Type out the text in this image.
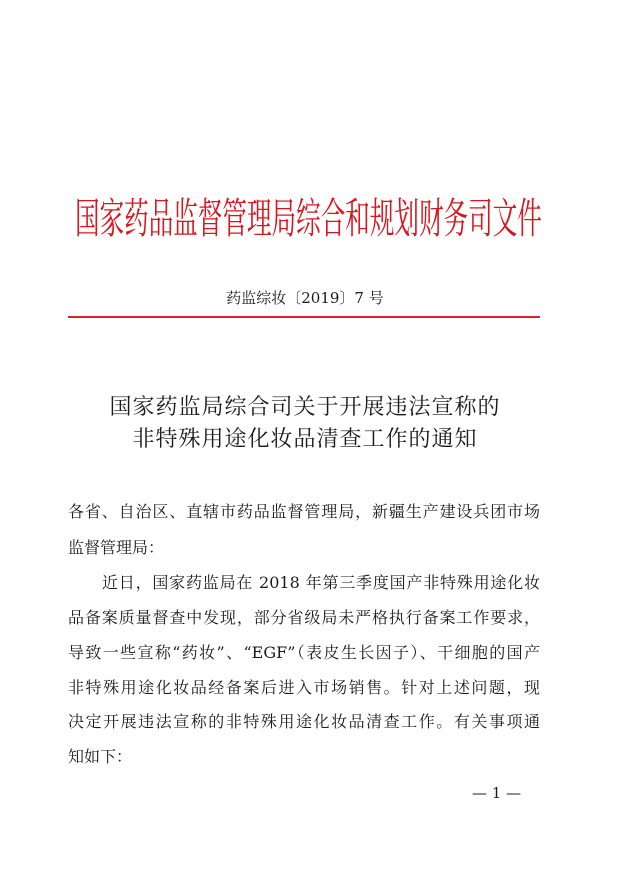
国家药品监督管理局综合和规划财务司文件
药监综妆〔2019〕7 号
国家药监局综合司关于开展违法宣称的
非特殊用途化妆品清查工作的通知
各省、自治区、直辖市药品监督管理局，新疆生产建设兵团市场
监督管理局：
近日，国家药监局在 2018 年第三季度国产非特殊用途化妆
品备案质量督查中发现，部分省级局未严格执行备案工作要求，
导致一些宣称“药妆”、“EGF”（表皮生长因子）、干细胞的国产
非特殊用途化妆品经备案后进入市场销售。针对上述问题，现
决定开展违法宣称的非特殊用途化妆品清查工作。有关事项通
知如下：
— 1 —
